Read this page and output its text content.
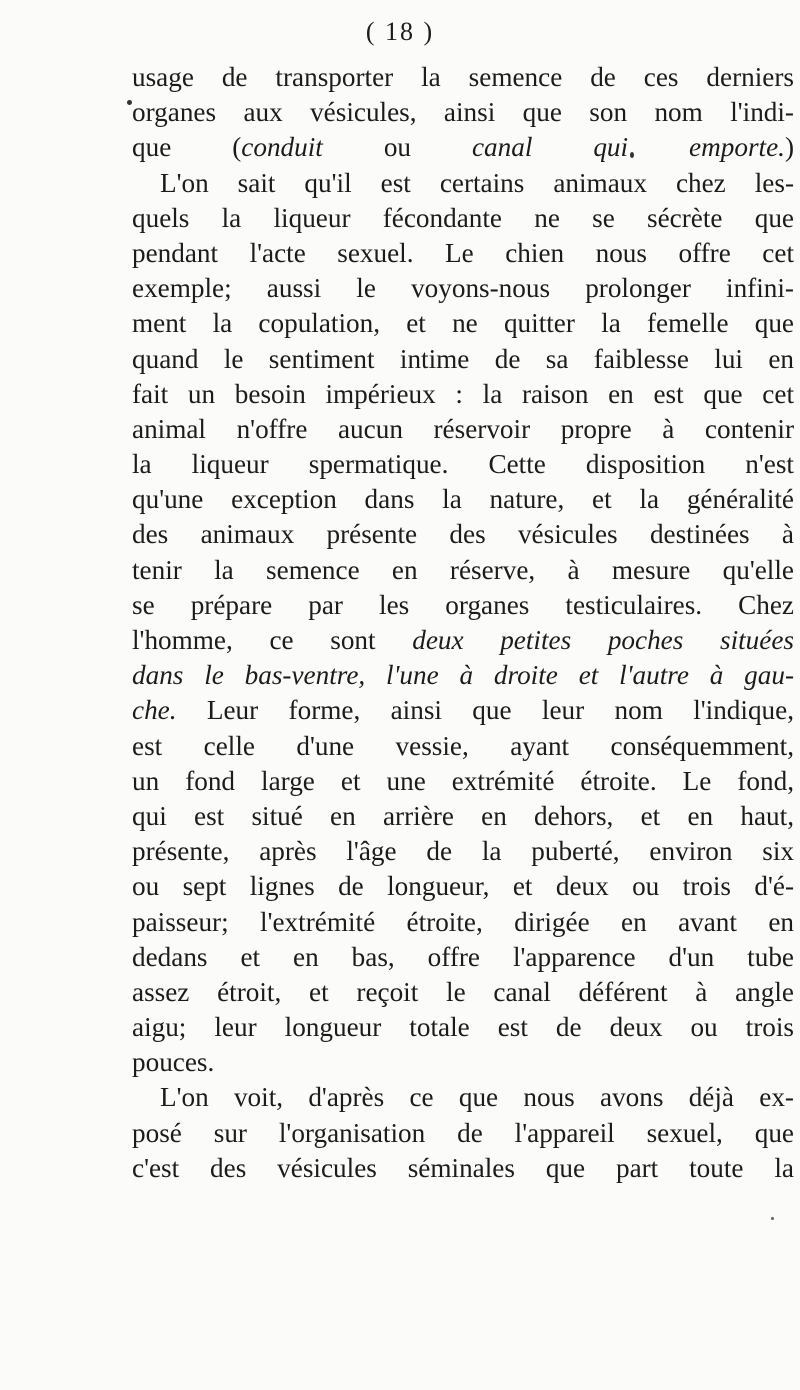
( 18 )
usage de transporter la semence de ces derniers
organes aux vésicules, ainsi que son nom l'indi-
que (conduit ou canal qui emporte.)
L'on sait qu'il est certains animaux chez les-
quels la liqueur fécondante ne se sécrète que
pendant l'acte sexuel. Le chien nous offre cet
exemple; aussi le voyons-nous prolonger infini-
ment la copulation, et ne quitter la femelle que
quand le sentiment intime de sa faiblesse lui en
fait un besoin impérieux : la raison en est que cet
animal n'offre aucun réservoir propre à contenir
la liqueur spermatique. Cette disposition n'est
qu'une exception dans la nature, et la généralité
des animaux présente des vésicules destinées à
tenir la semence en réserve, à mesure qu'elle
se prépare par les organes testiculaires. Chez
l'homme, ce sont deux petites poches situées
dans le bas-ventre, l'une à droite et l'autre à gau-
che. Leur forme, ainsi que leur nom l'indique,
est celle d'une vessie, ayant conséquemment,
un fond large et une extrémité étroite. Le fond,
qui est situé en arrière en dehors, et en haut,
présente, après l'âge de la puberté, environ six
ou sept lignes de longueur, et deux ou trois d'é-
paisseur; l'extrémité étroite, dirigée en avant en
dedans et en bas, offre l'apparence d'un tube
assez étroit, et reçoit le canal déférent à angle
aigu; leur longueur totale est de deux ou trois
pouces.
L'on voit, d'après ce que nous avons déjà ex-
posé sur l'organisation de l'appareil sexuel, que
c'est des vésicules séminales que part toute la
